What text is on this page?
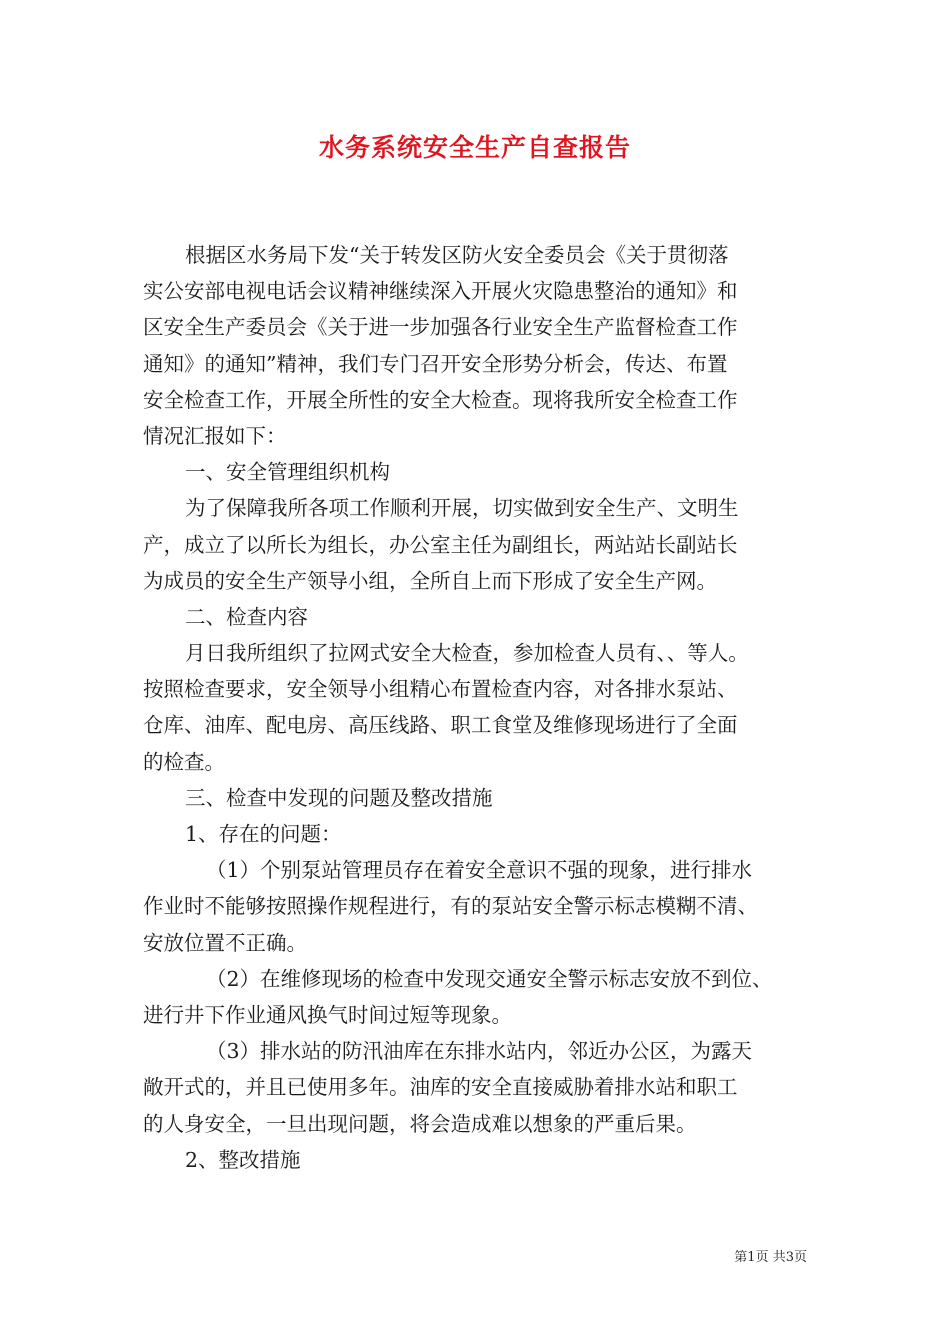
水务系统安全生产自查报告
根据区水务局下发“关于转发区防火安全委员会《关于贯彻落
实公安部电视电话会议精神继续深入开展火灾隐患整治的通知》和
区安全生产委员会《关于进一步加强各行业安全生产监督检查工作
通知》的通知”精神，我们专门召开安全形势分析会，传达、布置
安全检查工作，开展全所性的安全大检查。现将我所安全检查工作
情况汇报如下：
一、安全管理组织机构
为了保障我所各项工作顺利开展，切实做到安全生产、文明生
产，成立了以所长为组长，办公室主任为副组长，两站站长副站长
为成员的安全生产领导小组，全所自上而下形成了安全生产网。
二、检查内容
月日我所组织了拉网式安全大检查，参加检查人员有、、等人。
按照检查要求，安全领导小组精心布置检查内容，对各排水泵站、
仓库、油库、配电房、高压线路、职工食堂及维修现场进行了全面
的检查。
三、检查中发现的问题及整改措施
1、存在的问题：
（1）个别泵站管理员存在着安全意识不强的现象，进行排水
作业时不能够按照操作规程进行，有的泵站安全警示标志模糊不清、
安放位置不正确。
（2）在维修现场的检查中发现交通安全警示标志安放不到位、
进行井下作业通风换气时间过短等现象。
（3）排水站的防汛油库在东排水站内，邻近办公区，为露天
敞开式的，并且已使用多年。油库的安全直接威胁着排水站和职工
的人身安全，一旦出现问题，将会造成难以想象的严重后果。
2、整改措施
第1页 共3页
